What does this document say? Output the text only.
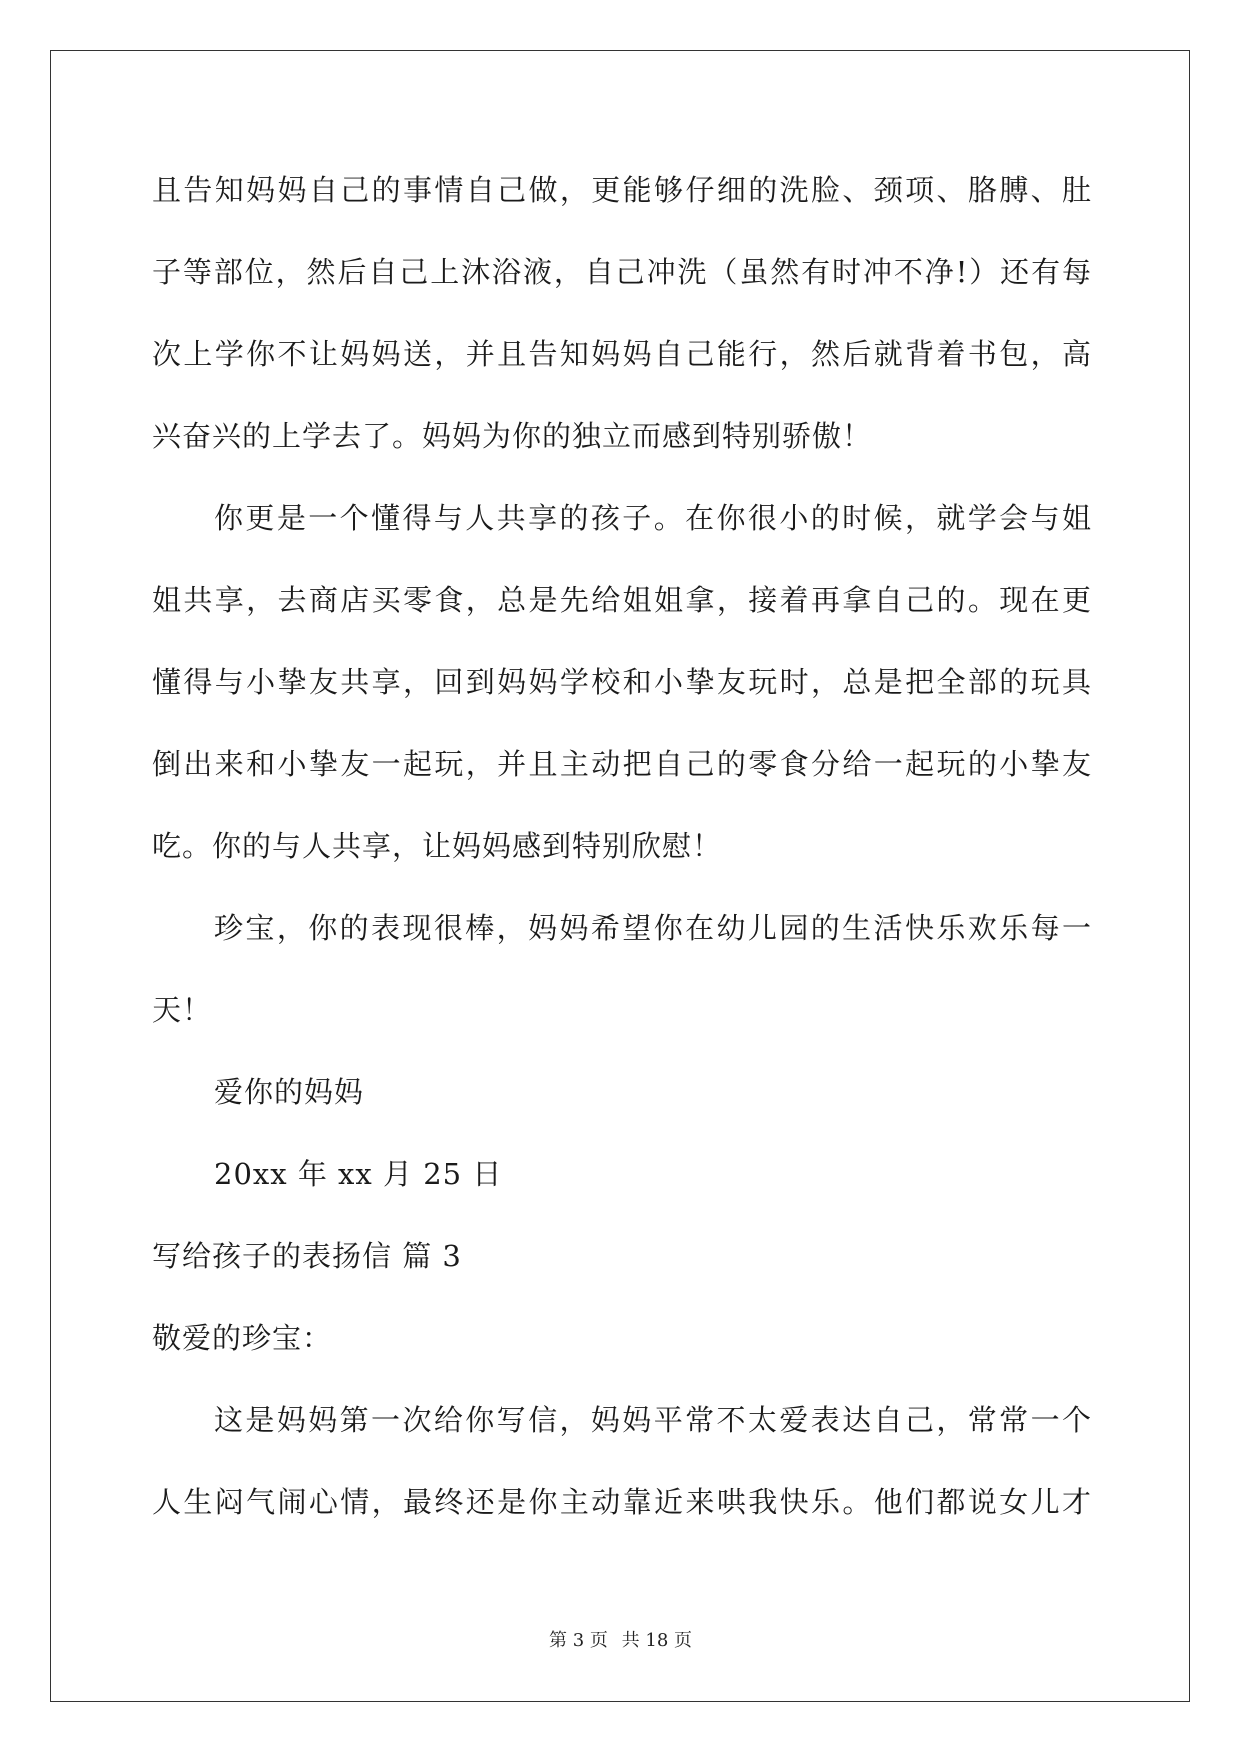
且告知妈妈自己的事情自己做，更能够仔细的洗脸、颈项、胳膊、肚
子等部位，然后自己上沐浴液，自己冲洗（虽然有时冲不净!）还有每
次上学你不让妈妈送，并且告知妈妈自己能行，然后就背着书包，高
兴奋兴的上学去了。妈妈为你的独立而感到特别骄傲！
你更是一个懂得与人共享的孩子。在你很小的时候，就学会与姐
姐共享，去商店买零食，总是先给姐姐拿，接着再拿自己的。现在更
懂得与小挚友共享，回到妈妈学校和小挚友玩时，总是把全部的玩具
倒出来和小挚友一起玩，并且主动把自己的零食分给一起玩的小挚友
吃。你的与人共享，让妈妈感到特别欣慰！
珍宝，你的表现很棒，妈妈希望你在幼儿园的生活快乐欢乐每一
天！
爱你的妈妈
20xx 年 xx 月 25 日
写给孩子的表扬信 篇 3
敬爱的珍宝：
这是妈妈第一次给你写信，妈妈平常不太爱表达自己，常常一个
人生闷气闹心情，最终还是你主动靠近来哄我快乐。他们都说女儿才
第 3 页 共 18 页
